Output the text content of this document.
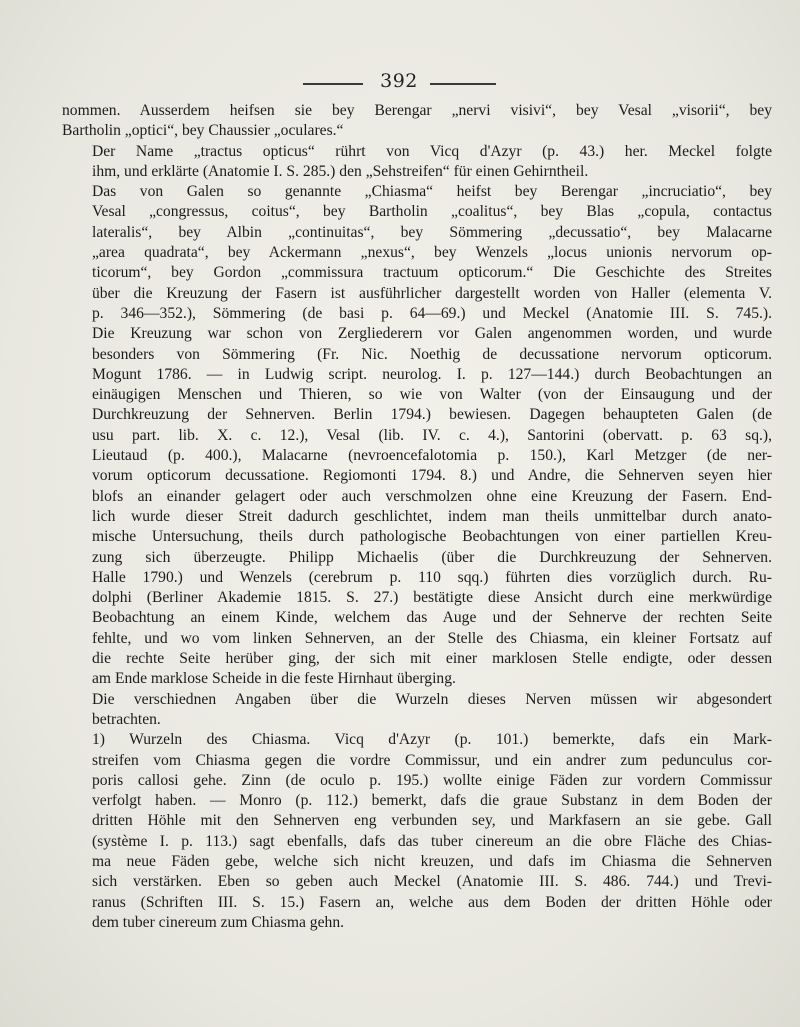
392

nommen. Ausserdem heifsen sie bey Berengar „nervi visivi“, bey Vesal „visorii“, bey
Bartholin „optici“, bey Chaussier „oculares.“

Der Name „tractus opticus“ rührt von Vicq d'Azyr (p. 43.) her. Meckel folgte
ihm, und erklärte (Anatomie I. S. 285.) den „Sehstreifen“ für einen Gehirntheil.

Das von Galen so genannte „Chiasma“ heifst bey Berengar „incruciatio“, bey
Vesal „congressus, coitus“, bey Bartholin „coalitus“, bey Blas „copula, contactus
lateralis“, bey Albin „continuitas“, bey Sömmering „decussatio“, bey Malacarne
„area quadrata“, bey Ackermann „nexus“, bey Wenzels „locus unionis nervorum op-
ticorum“, bey Gordon „commissura tractuum opticorum.“ Die Geschichte des Streites
über die Kreuzung der Fasern ist ausführlicher dargestellt worden von Haller (elementa V.
p. 346—352.), Sömmering (de basi p. 64—69.) und Meckel (Anatomie III. S. 745.).
Die Kreuzung war schon von Zergliederern vor Galen angenommen worden, und wurde
besonders von Sömmering (Fr. Nic. Noethig de decussatione nervorum opticorum.
Mogunt 1786. — in Ludwig script. neurolog. I. p. 127—144.) durch Beobachtungen an
einäugigen Menschen und Thieren, so wie von Walter (von der Einsaugung und der
Durchkreuzung der Sehnerven. Berlin 1794.) bewiesen. Dagegen behaupteten Galen (de
usu part. lib. X. c. 12.), Vesal (lib. IV. c. 4.), Santorini (obervatt. p. 63 sq.),
Lieutaud (p. 400.), Malacarne (nevroencefalotomia p. 150.), Karl Metzger (de ner-
vorum opticorum decussatione. Regiomonti 1794. 8.) und Andre, die Sehnerven seyen hier
blofs an einander gelagert oder auch verschmolzen ohne eine Kreuzung der Fasern. End-
lich wurde dieser Streit dadurch geschlichtet, indem man theils unmittelbar durch anato-
mische Untersuchung, theils durch pathologische Beobachtungen von einer partiellen Kreu-
zung sich überzeugte. Philipp Michaelis (über die Durchkreuzung der Sehnerven.
Halle 1790.) und Wenzels (cerebrum p. 110 sqq.) führten dies vorzüglich durch. Ru-
dolphi (Berliner Akademie 1815. S. 27.) bestätigte diese Ansicht durch eine merkwürdige
Beobachtung an einem Kinde, welchem das Auge und der Sehnerve der rechten Seite
fehlte, und wo vom linken Sehnerven, an der Stelle des Chiasma, ein kleiner Fortsatz auf
die rechte Seite herüber ging, der sich mit einer marklosen Stelle endigte, oder dessen
am Ende marklose Scheide in die feste Hirnhaut überging.

Die verschiednen Angaben über die Wurzeln dieses Nerven müssen wir abgesondert
betrachten.

1) Wurzeln des Chiasma. Vicq d'Azyr (p. 101.) bemerkte, dafs ein Mark-
streifen vom Chiasma gegen die vordre Commissur, und ein andrer zum pedunculus cor-
poris callosi gehe. Zinn (de oculo p. 195.) wollte einige Fäden zur vordern Commissur
verfolgt haben. — Monro (p. 112.) bemerkt, dafs die graue Substanz in dem Boden der
dritten Höhle mit den Sehnerven eng verbunden sey, und Markfasern an sie gebe. Gall
(système I. p. 113.) sagt ebenfalls, dafs das tuber cinereum an die obre Fläche des Chias-
ma neue Fäden gebe, welche sich nicht kreuzen, und dafs im Chiasma die Sehnerven
sich verstärken. Eben so geben auch Meckel (Anatomie III. S. 486. 744.) und Trevi-
ranus (Schriften III. S. 15.) Fasern an, welche aus dem Boden der dritten Höhle oder
dem tuber cinereum zum Chiasma gehn.
